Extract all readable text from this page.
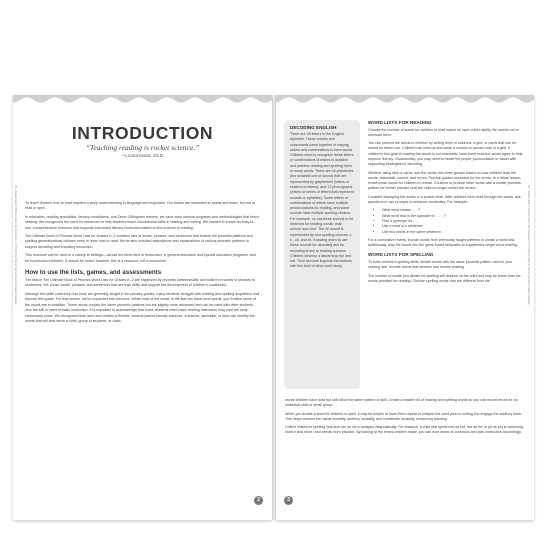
The Ultimate Book of Phonics Word Lists for Grades K–2 © 2022 by Wiley & Hanzen (Teacher Created Materials)
INTRODUCTION
“Teaching reading is rocket science.”
—Louisa Moats, Ed.D.

To teach children how to read requires a deep understanding of language and linguistics. Our brains are hardwired to speak and listen, but not to read or spell.

In education, reading specialists, literacy consultants, and Orton-Gillingham trainers, we have used various programs and methodologies that teach reading. We recognized the need for resources to help teachers teach foundational skills in reading and writing. We wanted to create an easy-to-use, comprehensive resource that supports structured literacy instruction based on the science of reading.

The Ultimate Book of Phonics Word Lists for Grades K–2 contains lists of words, phrases, and sentences that feature the phonetic patterns and spelling generalizations children need to learn how to read. We've also included descriptions and explanations of various phonetic patterns to support decoding and encoding instruction.

This resource can be used in a variety of settings—across the three tiers of instruction, in general education and special education programs, and for homeschool children. It should be noted, however, this is a resource, not a curriculum.

How to use the lists, games, and assessments

The lists in The Ultimate Book of Phonics Word Lists for Grades K–2 are organized by phonetic patterns/skills and build from words to phrases to sentences. We chose words, phrases, and sentences that are high utility and support the development of children's vocabulary.

Although the skills covered in this book are generally taught in the primary grades, many students struggle with reading and spelling acquisition well beyond first grade. For that reason, we've expanded this resource. While most of the words in the lists are basic level words, you'll notice some of the words are in boldface. These words contain the same phonetic patterns but are slightly more advanced and can be used with older students who are still in need of basic instruction. It is important to acknowledge that some students need basic reading instruction long past the early elementary years. We recognized that need and created a flexible, teacher/parent-friendly resource. A teacher, specialist, or tutor can identify the words that will best serve a child, group of students, or class.

2
The Ultimate Book of Phonics Word Lists for Grades K–2 © 2022 by Wiley & Hanzen (Teacher Created Materials)
DECODING ENGLISH
There are 26 letters in the English alphabet. These vowels and consonants come together in varying orders and combinations to form words. Children need to recognize these letters or combinations of letters in isolation and practice reading and spelling them in many words. There are 44 phonemes (the smallest unit of sound) that are represented by graphemes (letters or clusters of letters), and 72 phonograms (letters or series of letters that represent sounds or syllables). Some letters or combinations of letters have multiple pronunciations for reading, and some sounds have multiple spelling choices. For example, ch has three sounds to be retrieved for reading words: chat, school, and chef. The /k/ sound is represented by four spelling choices: c, k, -ck, and ch. Knowing when to use these sounds for decoding and for encoding is key to reading success. Children develop a discerning eye and ear. They become linguists themselves with this kind of deep word study.
WORD LISTS FOR READING

Choose the number of words for children to read based on each child's ability. Be careful not to overload them.

You can present the words to children by writing them in columns, a grid, or cards that can be stored for future use. Children can read up and down a column or across rows in a grid. If children's first goal at reading the words is not automatic, have them read the words again to help improve fluency. Occasionally, you may need to model the proper pronunciation or assist with supporting strategies for decoding.

Whether using lists or cards, sort the words into three groups based on how children read the words: automatic, correct, and errors. Provide guided correction for the errors. In a future lesson, revisit those words for children to reread. Continue to provide other words with a similar phonetic pattern for further practice until the child no longer needs the review.

Consider displaying the words in a pocket chart. After children have read through the words, ask questions or use prompts to enhance vocabulary. For example:

• What word means . . . ?
• What word that is the opposite of . . . . ?
• Find a synonym for . . .
• Use a word in a sentence.
• Use two words in the same sentence.

For a cumulative review, include words from previously taught patterns to create a mixed list. Additionally, play the words into the game board templates to supplement single-word reading.

WORD LISTS FOR SPELLING

To build children's spelling skills, dictate words with the same phonetic pattern used in your reading lists. Include words that children had trouble reading.

The number of words you dictate for spelling will depend on the child and may be fewer than the words provided for reading. Choose spelling words that are different from the

words children have read but still follow the same pattern or skill. Create a master list of reading and spelling words so you can record errors for an individual child or small group.

When you dictate a word for children to spell, it may be helpful to have them repeat or whisper the word prior to writing it to engage the auditory track. This helps connect the visual modality, auditory modality, and kinesthetic modality, enhancing learning.

Collect children's spelling lists and use an error analysis diagnostically. For instance, a child that spells bed as bid, red as rid, or pit as pet is confusing short e and short i and needs more practice. By looking at the errors children make, you can note areas of confusion and plan instruction accordingly.

3
